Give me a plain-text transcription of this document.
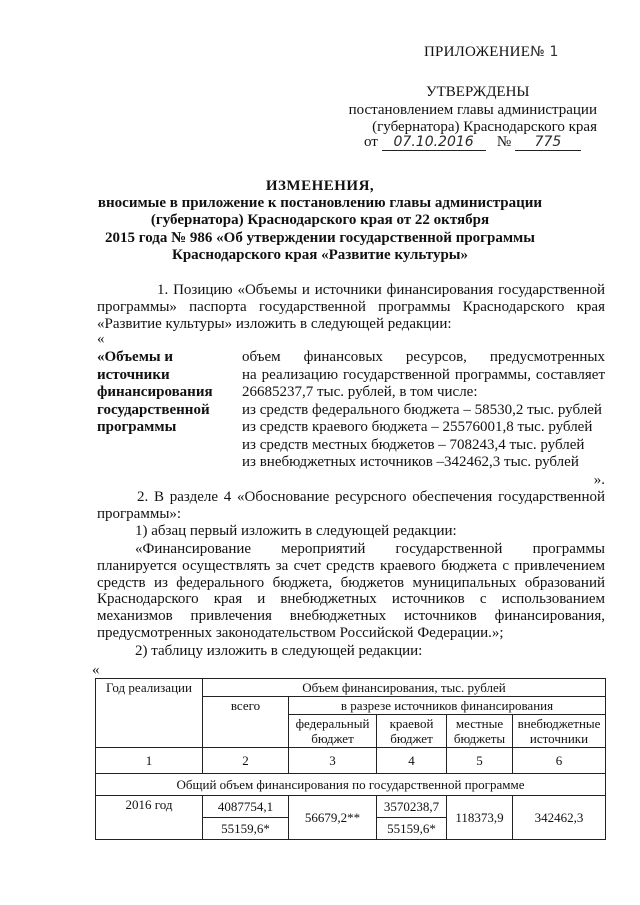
ПРИЛОЖЕНИЕ№ 1
УТВЕРЖДЕНЫ
постановлением главы администрации
(губернатора) Краснодарского края
от 07.10.2016 № 775
ИЗМЕНЕНИЯ,
вносимые в приложение к постановлению главы администрации
(губернатора) Краснодарского края от 22 октября
2015 года № 986 «Об утверждении государственной программы
Краснодарского края «Развитие культуры»
1. Позицию «Объемы и источники финансирования государственной программы» паспорта государственной программы Краснодарского края «Развитие культуры» изложить в следующей редакции:
«
«Объемы и источники финансирования государственной программы
объем финансовых ресурсов, предусмотренных
на реализацию государственной программы, составляет 26685237,7 тыс. рублей, в том числе:
из средств федерального бюджета – 58530,2 тыс. рублей
из средств краевого бюджета – 25576001,8 тыс. рублей
из средств местных бюджетов – 708243,4 тыс. рублей
из внебюджетных источников –342462,3 тыс. рублей
».
2. В разделе 4 «Обоснование ресурсного обеспечения государственной программы»:
1) абзац первый изложить в следующей редакции:
«Финансирование мероприятий государственной программы планируется осуществлять за счет средств краевого бюджета с привлечением средств из федерального бюджета, бюджетов муниципальных образований Краснодарского края и внебюджетных источников с использованием механизмов привлечения внебюджетных источников финансирования, предусмотренных законодательством Российской Федерации.»;
2) таблицу изложить в следующей редакции:
«
Год реализации	Объем финансирования, тыс. рублей				
	всего	в разрезе источников финансирования			
		федеральный бюджет	краевой бюджет	местные бюджеты	внебюджетные источники
1	2	3	4	5	6
Общий объем финансирования по государственной программе					
2016 год	4087754,1	56679,2**	3570238,7	118373,9	342462,3
	55159,6*		55159,6*		
